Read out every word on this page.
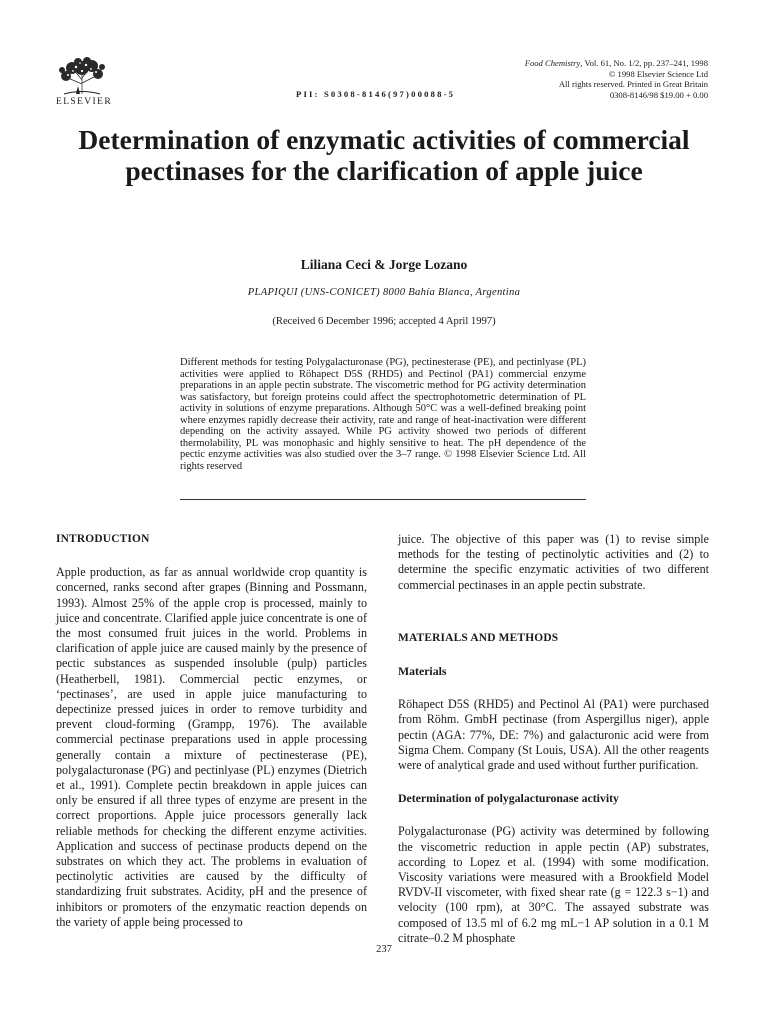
ELSEVIER
PII: S0308-8146(97)00088-5
Food Chemistry, Vol. 61, No. 1/2, pp. 237–241, 1998
© 1998 Elsevier Science Ltd
All rights reserved. Printed in Great Britain
0308-8146/98 $19.00 + 0.00
Determination of enzymatic activities of commercial pectinases for the clarification of apple juice
Liliana Ceci & Jorge Lozano
PLAPIQUI (UNS-CONICET) 8000 Bahía Blanca, Argentina
(Received 6 December 1996; accepted 4 April 1997)
Different methods for testing Polygalacturonase (PG), pectinesterase (PE), and pectinlyase (PL) activities were applied to Röhapect D5S (RHD5) and Pectinol (PA1) commercial enzyme preparations in an apple pectin substrate. The viscometric method for PG activity determination was satisfactory, but foreign proteins could affect the spectrophotometric determination of PL activity in solutions of enzyme preparations. Although 50°C was a well-defined breaking point where enzymes rapidly decrease their activity, rate and range of heat-inactivation were different depending on the activity assayed. While PG activity showed two periods of different thermolability, PL was monophasic and highly sensitive to heat. The pH dependence of the pectic enzyme activities was also studied over the 3–7 range. © 1998 Elsevier Science Ltd. All rights reserved
INTRODUCTION
Apple production, as far as annual worldwide crop quantity is concerned, ranks second after grapes (Binning and Possmann, 1993). Almost 25% of the apple crop is processed, mainly to juice and concentrate. Clarified apple juice concentrate is one of the most consumed fruit juices in the world. Problems in clarification of apple juice are caused mainly by the presence of pectic substances as suspended insoluble (pulp) particles (Heatherbell, 1981). Commercial pectic enzymes, or ‘pectinases’, are used in apple juice manufacturing to depectinize pressed juices in order to remove turbidity and prevent cloud-forming (Grampp, 1976). The available commercial pectinase preparations used in apple processing generally contain a mixture of pectinesterase (PE), polygalacturonase (PG) and pectinlyase (PL) enzymes (Dietrich et al., 1991). Complete pectin breakdown in apple juices can only be ensured if all three types of enzyme are present in the correct proportions. Apple juice processors generally lack reliable methods for checking the different enzyme activities. Application and success of pectinase products depend on the substrates on which they act. The problems in evaluation of pectinolytic activities are caused by the difficulty of standardizing fruit substrates. Acidity, pH and the presence of inhibitors or promoters of the enzymatic reaction depends on the variety of apple being processed to
juice. The objective of this paper was (1) to revise simple methods for the testing of pectinolytic activities and (2) to determine the specific enzymatic activities of two different commercial pectinases in an apple pectin substrate.
MATERIALS AND METHODS
Materials
Röhapect D5S (RHD5) and Pectinol Al (PA1) were purchased from Röhm. GmbH pectinase (from Aspergillus niger), apple pectin (AGA: 77%, DE: 7%) and galacturonic acid were from Sigma Chem. Company (St Louis, USA). All the other reagents were of analytical grade and used without further purification.
Determination of polygalacturonase activity
Polygalacturonase (PG) activity was determined by following the viscometric reduction in apple pectin (AP) substrates, according to Lopez et al. (1994) with some modification. Viscosity variations were measured with a Brookfield Model RVDV-II viscometer, with fixed shear rate (g = 122.3 s−1) and velocity (100 rpm), at 30°C. The assayed substrate was composed of 13.5 ml of 6.2 mg mL−1 AP solution in a 0.1 M citrate–0.2 M phosphate
237
